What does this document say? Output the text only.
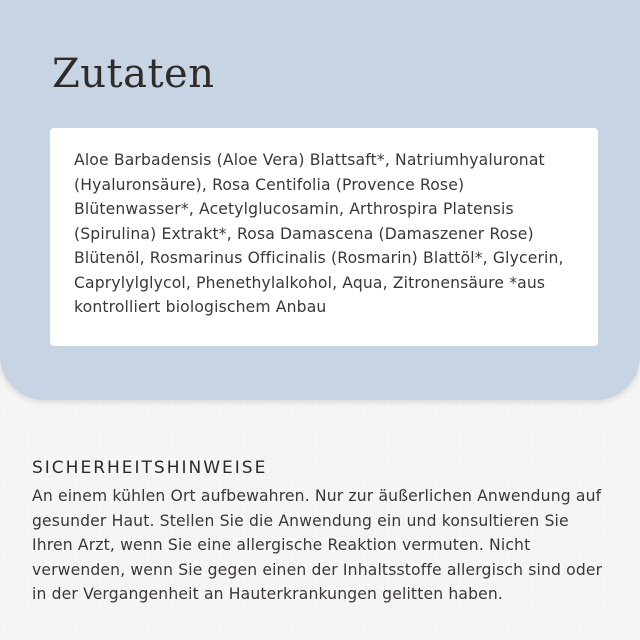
Zutaten

Aloe Barbadensis (Aloe Vera) Blattsaft*, Natriumhyaluronat (Hyaluronsäure), Rosa Centifolia (Provence Rose) Blütenwasser*, Acetylglucosamin, Arthrospira Platensis (Spirulina) Extrakt*, Rosa Damascena (Damaszener Rose) Blütenöl, Rosmarinus Officinalis (Rosmarin) Blattöl*, Glycerin, Caprylylglycol, Phenethylalkohol, Aqua, Zitronensäure *aus kontrolliert biologischem Anbau

SICHERHEITSHINWEISE

An einem kühlen Ort aufbewahren. Nur zur äußerlichen Anwendung auf gesunder Haut. Stellen Sie die Anwendung ein und konsultieren Sie Ihren Arzt, wenn Sie eine allergische Reaktion vermuten. Nicht verwenden, wenn Sie gegen einen der Inhaltsstoffe allergisch sind oder in der Vergangenheit an Hauterkrankungen gelitten haben.
